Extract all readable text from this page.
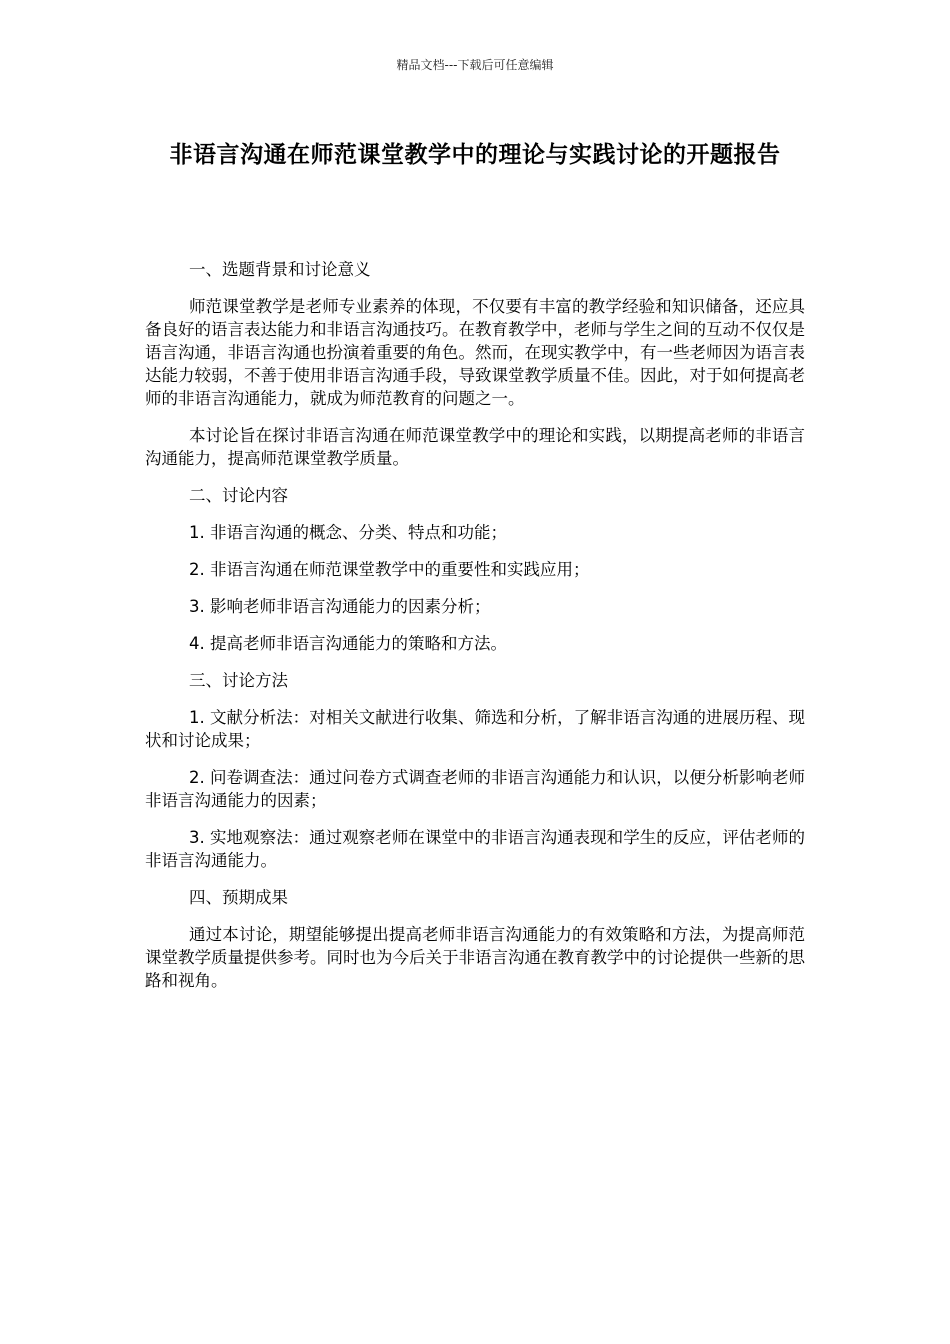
精品文档---下载后可任意编辑
非语言沟通在师范课堂教学中的理论与实践讨论的开题报告
一、选题背景和讨论意义
师范课堂教学是老师专业素养的体现，不仅要有丰富的教学经验和知识储备，还应具备良好的语言表达能力和非语言沟通技巧。在教育教学中，老师与学生之间的互动不仅仅是语言沟通，非语言沟通也扮演着重要的角色。然而，在现实教学中，有一些老师因为语言表达能力较弱，不善于使用非语言沟通手段，导致课堂教学质量不佳。因此，对于如何提高老师的非语言沟通能力，就成为师范教育的问题之一。
本讨论旨在探讨非语言沟通在师范课堂教学中的理论和实践，以期提高老师的非语言沟通能力，提高师范课堂教学质量。
二、讨论内容
1. 非语言沟通的概念、分类、特点和功能；
2. 非语言沟通在师范课堂教学中的重要性和实践应用；
3. 影响老师非语言沟通能力的因素分析；
4. 提高老师非语言沟通能力的策略和方法。
三、讨论方法
1. 文献分析法：对相关文献进行收集、筛选和分析，了解非语言沟通的进展历程、现状和讨论成果；
2. 问卷调查法：通过问卷方式调查老师的非语言沟通能力和认识，以便分析影响老师非语言沟通能力的因素；
3. 实地观察法：通过观察老师在课堂中的非语言沟通表现和学生的反应，评估老师的非语言沟通能力。
四、预期成果
通过本讨论，期望能够提出提高老师非语言沟通能力的有效策略和方法，为提高师范课堂教学质量提供参考。同时也为今后关于非语言沟通在教育教学中的讨论提供一些新的思路和视角。
